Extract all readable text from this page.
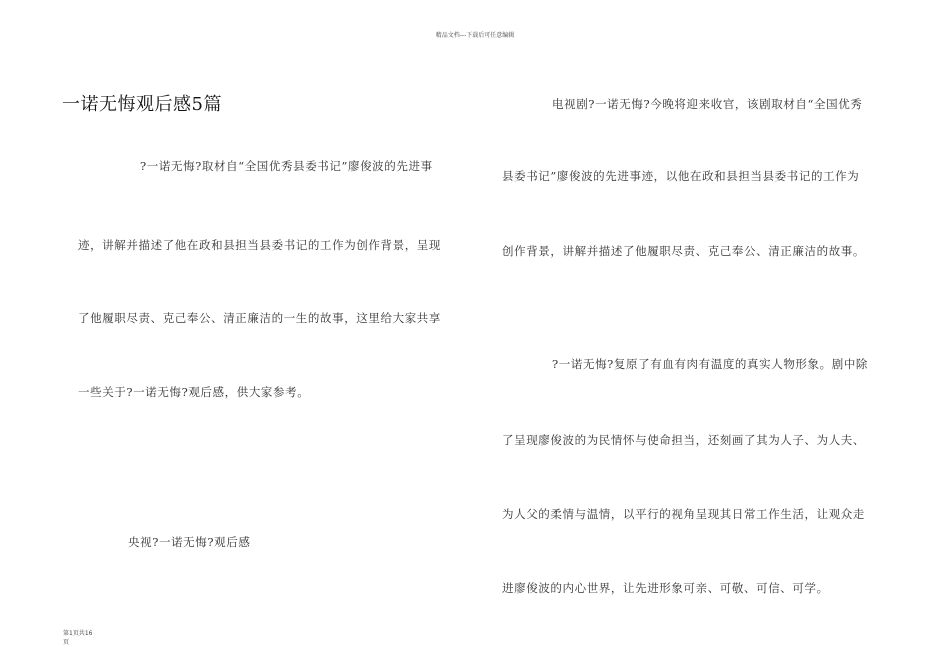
精品文档---下载后可任意编辑
一诺无悔观后感5篇
?一诺无悔?取材自“全国优秀县委书记”廖俊波的先进事
迹，讲解并描述了他在政和县担当县委书记的工作为创作背景，呈现
了他履职尽责、克己奉公、清正廉洁的一生的故事，这里给大家共享
一些关于?一诺无悔?观后感，供大家参考。
央视?一诺无悔?观后感
电视剧?一诺无悔?今晚将迎来收官，该剧取材自“全国优秀
县委书记”廖俊波的先进事迹，以他在政和县担当县委书记的工作为
创作背景，讲解并描述了他履职尽责、克己奉公、清正廉洁的故事。
?一诺无悔?复原了有血有肉有温度的真实人物形象。剧中除
了呈现廖俊波的为民情怀与使命担当，还刻画了其为人子、为人夫、
为人父的柔情与温情，以平行的视角呈现其日常工作生活，让观众走
进廖俊波的内心世界，让先进形象可亲、可敬、可信、可学。
第1页共16
页
